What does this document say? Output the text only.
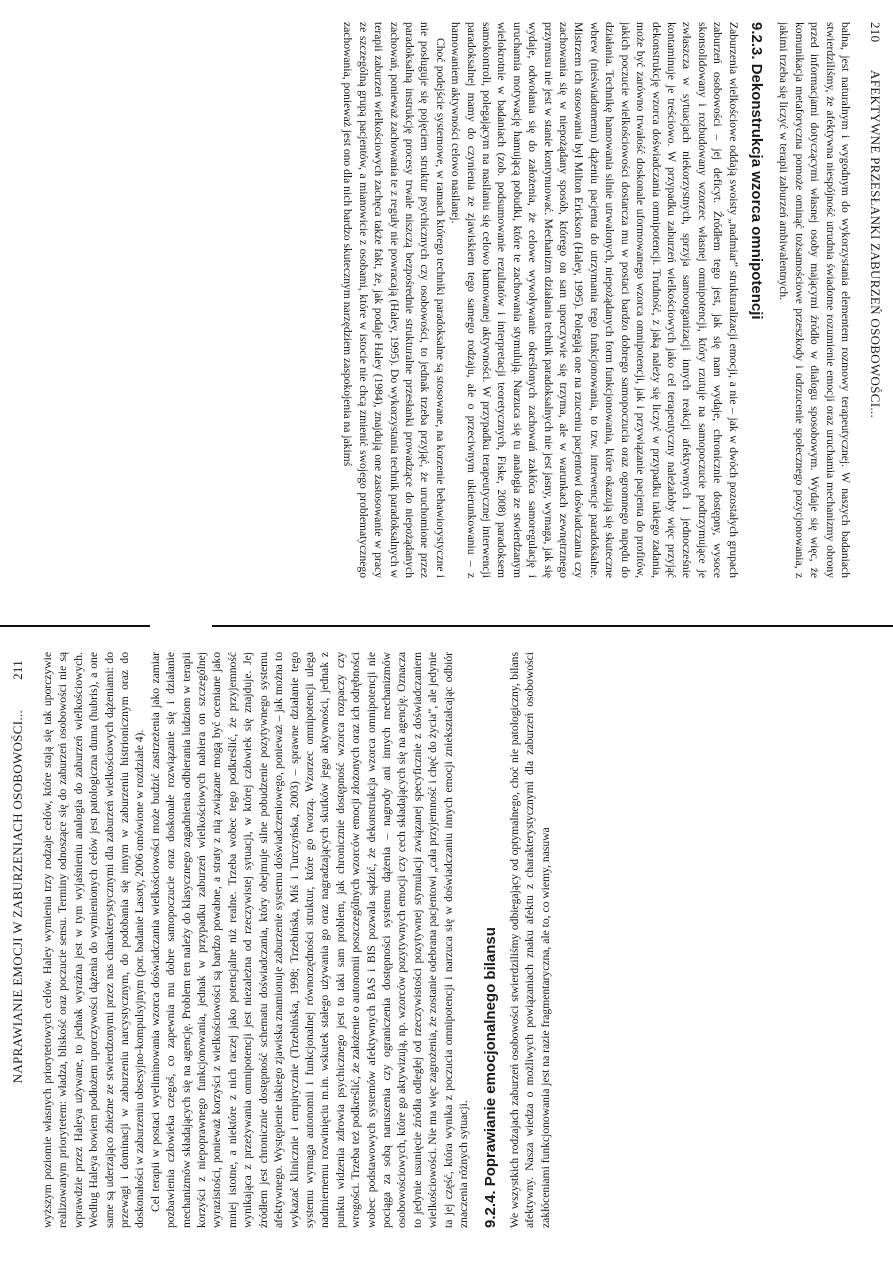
210
AFEKTYWNE PRZESŁANKI ZABURZEŃ OSOBOWOŚCI...

balna, jest naturalnym i wygodnym do wykorzystania elementem rozmowy terapeutycznej. W naszych badaniach stwierdziliśmy, że afektywna niespójność utrudnia świadome rozumienie emocji oraz uruchamia mechanizmy obrony przed informacjami dotyczącymi własnej osoby mającymi źródło w dialogu sposobowym. Wydaje się więc, że komunikacja metaforyczna pomoże ominąć tożsamościowe przeszkody i odrzucenie społecznego pozycjonowania, z jakimi trzeba się liczyć w terapii zaburzeń ambiwalentnych.

9.2.3. Dekonstrukcja wzorca omnipotencji

Zaburzenia wielkościowe oddają swoisty „nadmiar” strukturalizacji emocji, a nie – jak w dwóch pozostałych grupach zaburzeń osobowości – jej deficyt. Źródłem tego jest, jak się nam wydaje, chronicznie dostępny, wysoce skonsolidowany i rozbudowany wzorzec własnej omnipotencji, który rzutuje na samopoczucie podtrzymujące je zwłaszcza w sytuacjach niekorzystnych, sprzyja samoorganizacji innych reakcji afektywnych i jednocześnie kontaminuje je treściowo. W przypadku zaburzeń wielkościowych jako cel terapeutyczny należałoby więc przyjąć dekonstrukcję wzorca doświadczania omnipotencji. Trudność, z jaką należy się liczyć w przypadku takiego zadania, może być zarówno trwałość doskonale uformowanego wzorca omnipotencji, jak i przywiązanie pacjenta do profitów, jakich poczucie wielkościowości dostarcza mu w postaci bardzo dobrego samopoczucia oraz ogromnego napędu do działania. Technikę hamowania silnie utrwalonych, niepożądanych form funkcjonowania, które okazują się skuteczne wbrew (nieświadomemu) dążeniu pacjenta do utrzymania tego funkcjonowania, to tzw. interwencje paradoksalne. Mistrzem ich stosowania był Milton Erickson (Haley, 1995). Polegają one na rzuceniu pacjentowi doświadczania czy zachowania się w niepożądany sposób, którego on sam uporczywie się trzyma, ale w warunkach zewnętrznego przymusu nie jest w stanie kontynuować. Mechanizm działania technik paradoksalnych nie jest jasny, wymaga, jak się wydaje, odwołania się do założenia, że celowe wywoływanie określonych zachowań zakłóca samoregulację i uruchamia motywację hamującą pobudki, które te zachowania stymulują. Narzuca się tu analogia ze stwierdzanym wielokrotnie w badaniach (zob. podsumowanie rezultatów i interpretacji teoretycznych, Fiske, 2008) paradoksem samokontroli, polegającym na nasilaniu się celowo hamowanej aktywności. W przypadku terapeutycznej interwencji paradoksalnej mamy do czynienia ze zjawiskiem tego samego rodzaju, ale o przeciwnym ukierunkowaniu – z hamowaniem aktywności celowo nasilanej.

Choć podejście systemowe, w ramach którego techniki paradoksalne są stosowane, na korzenie behawiorystyczne i nie posługuje się pojęciem struktur psychicznych czy osobowości, to jednak trzeba przyjąć, że uruchomione przez paradoksalną instrukcję procesy trwale niszczą bezpośrednie strukturalne przesłanki prowadzące do niepożądanych zachowań, ponieważ zachowania te z reguły nie powracają (Haley, 1995). Do wykorzystania technik paradoksalnych w terapii zaburzeń wielkościowych zachęca także fakt, że, jak podaje Haley (1984), znajdują one zastosowanie w pracy ze szczególną grupą pacjentów, a mianowicie z osobami, które w istocie nie chcą zmienić swojego problematycznego zachowania, ponieważ jest ono dla nich bardzo skutecznym narzędziem zaspokojenia na jakimś

NAPRAWIANIE EMOCJI W ZABURZENIACH OSOBOWOŚCI...
211 wyższym poziomie własnych priorytetowych celów. Haley wymienia trzy rodzaje celów, które stają się tak uporczywie realizowanym priorytetem: władza, bliskość oraz poczucie sensu. Terminy odnoszące się do zaburzeń osobowości nie są wprawdzie przez Haleya używane, to jednak wyraźna jest w tym wyjaśnieniu analogia do zaburzeń wielkościowych. Według Haleya bowiem podłożem uporczywości dążenia do wymienionych celów jest patologiczna duma (hubris), a one same są uderzająco zbieżne ze stwierdzonymi przez nas charakterystycznymi dla zaburzeń wielkościowych dążeniami: do przewagi i dominacji w zaburzeniu narcystycznym, do podobania się innym w zaburzeniu histrionicznym oraz do doskonałości w zaburzeniu obsesyjno-kompulsyjnym (por. badanie Lasoty, 2006 omówione w rozdziale 4). Cel terapii w postaci wyeliminowania wzorca doświadczania wielkościowości może budzić zastrzeżenia jako zamiar pozbawienia człowieka czegoś, co zapewnia mu dobre samopoczucie oraz doskonałe rozwiązanie się i działanie mechanizmów składających się na agencję. Problem ten należy do klasycznego zagadnienia odbierania ludziom w terapii korzyści z niepoprawnego funkcjonowania, jednak w przypadku zaburzeń wielkościowych nabiera on szczególnej wyrazistości, ponieważ korzyści z wielkościowości są bardzo powabne, a straty z nią związane mogą być oceniane jako mniej istotne, a niektóre z nich raczej jako potencjalne niż realne. Trzeba wobec tego podkreślić, że przyjemność wynikająca z przeżywania omnipotencji jest niezależna od rzeczywistej sytuacji, w której człowiek się znajduje. Jej źródłem jest chronicznie dostępność schematu doświadczania, który obejmuje silne pobudzenie pozytywnego systemu afektywnego. Występienie takiego zjawiska znamionuje zaburzenie systemu doświadczeniowego, ponieważ – jak można to wykazać klinicznie i empirycznie (Trzebińska, 1998; Trzebińska, Miś i Turczyńska, 2003) – sprawne działanie tego systemu wymaga autonomii i funkcjonalnej równorzędności struktur, które go tworzą. Wzorzec omnipotencji ulega nadmiernemu rozwinięciu m.in. wskutek stałego używania go oraz nagradzających skutków jego aktywności, jednak z punktu widzenia zdrowia psychicznego jest to taki sam problem, jak chronicznie dostępność wzorca rozpaczy czy wrogości. Trzeba też podkreślić, że założenie o autonomii poszczególnych wzorców emocji złożonych oraz ich odrębności wobec podstawowych systemów afektywnych BAS i BIS pozwala sądzić, że dekonstrukcja wzorca omnipotencji nie pociąga za sobą naruszenia czy ograniczenia dostępności systemu dążenia – nagrody ani innych mechanizmów osobowościowych, które go aktywizują, np. wzorców pozytywnych emocji czy cech składających się na agencję. Oznacza to jedynie usunięcie źródła odległej od rzeczywistości pozytywnej stymulacji związanej specyficznie z doświadczaniem wielkościowości. Nie ma więc zagrożenia, że zostanie odebrana pacjentowi „cała przyjemność i chęć do życia”, ale jedynie ta jej część, która wynika z poczucia omnipotencji i narzuca się w doświadczaniu innych emocji zniekształcając odbiór znaczenia różnych sytuacji. 9.2.4. Poprawianie emocjonalnego bilansu We wszystkich rodzajach zaburzeń osobowości stwierdziliśmy odbiegający od optymalnego, choć nie patologiczny, bilans afektywny. Nasza wiedza o możliwych powiązaniach znaku afektu z charakterystycznymi dla zaburzeń osobowości zakłóceniami funkcjonowania jest na razie fragmentaryczna, ale to, co wiemy, nasuwa
